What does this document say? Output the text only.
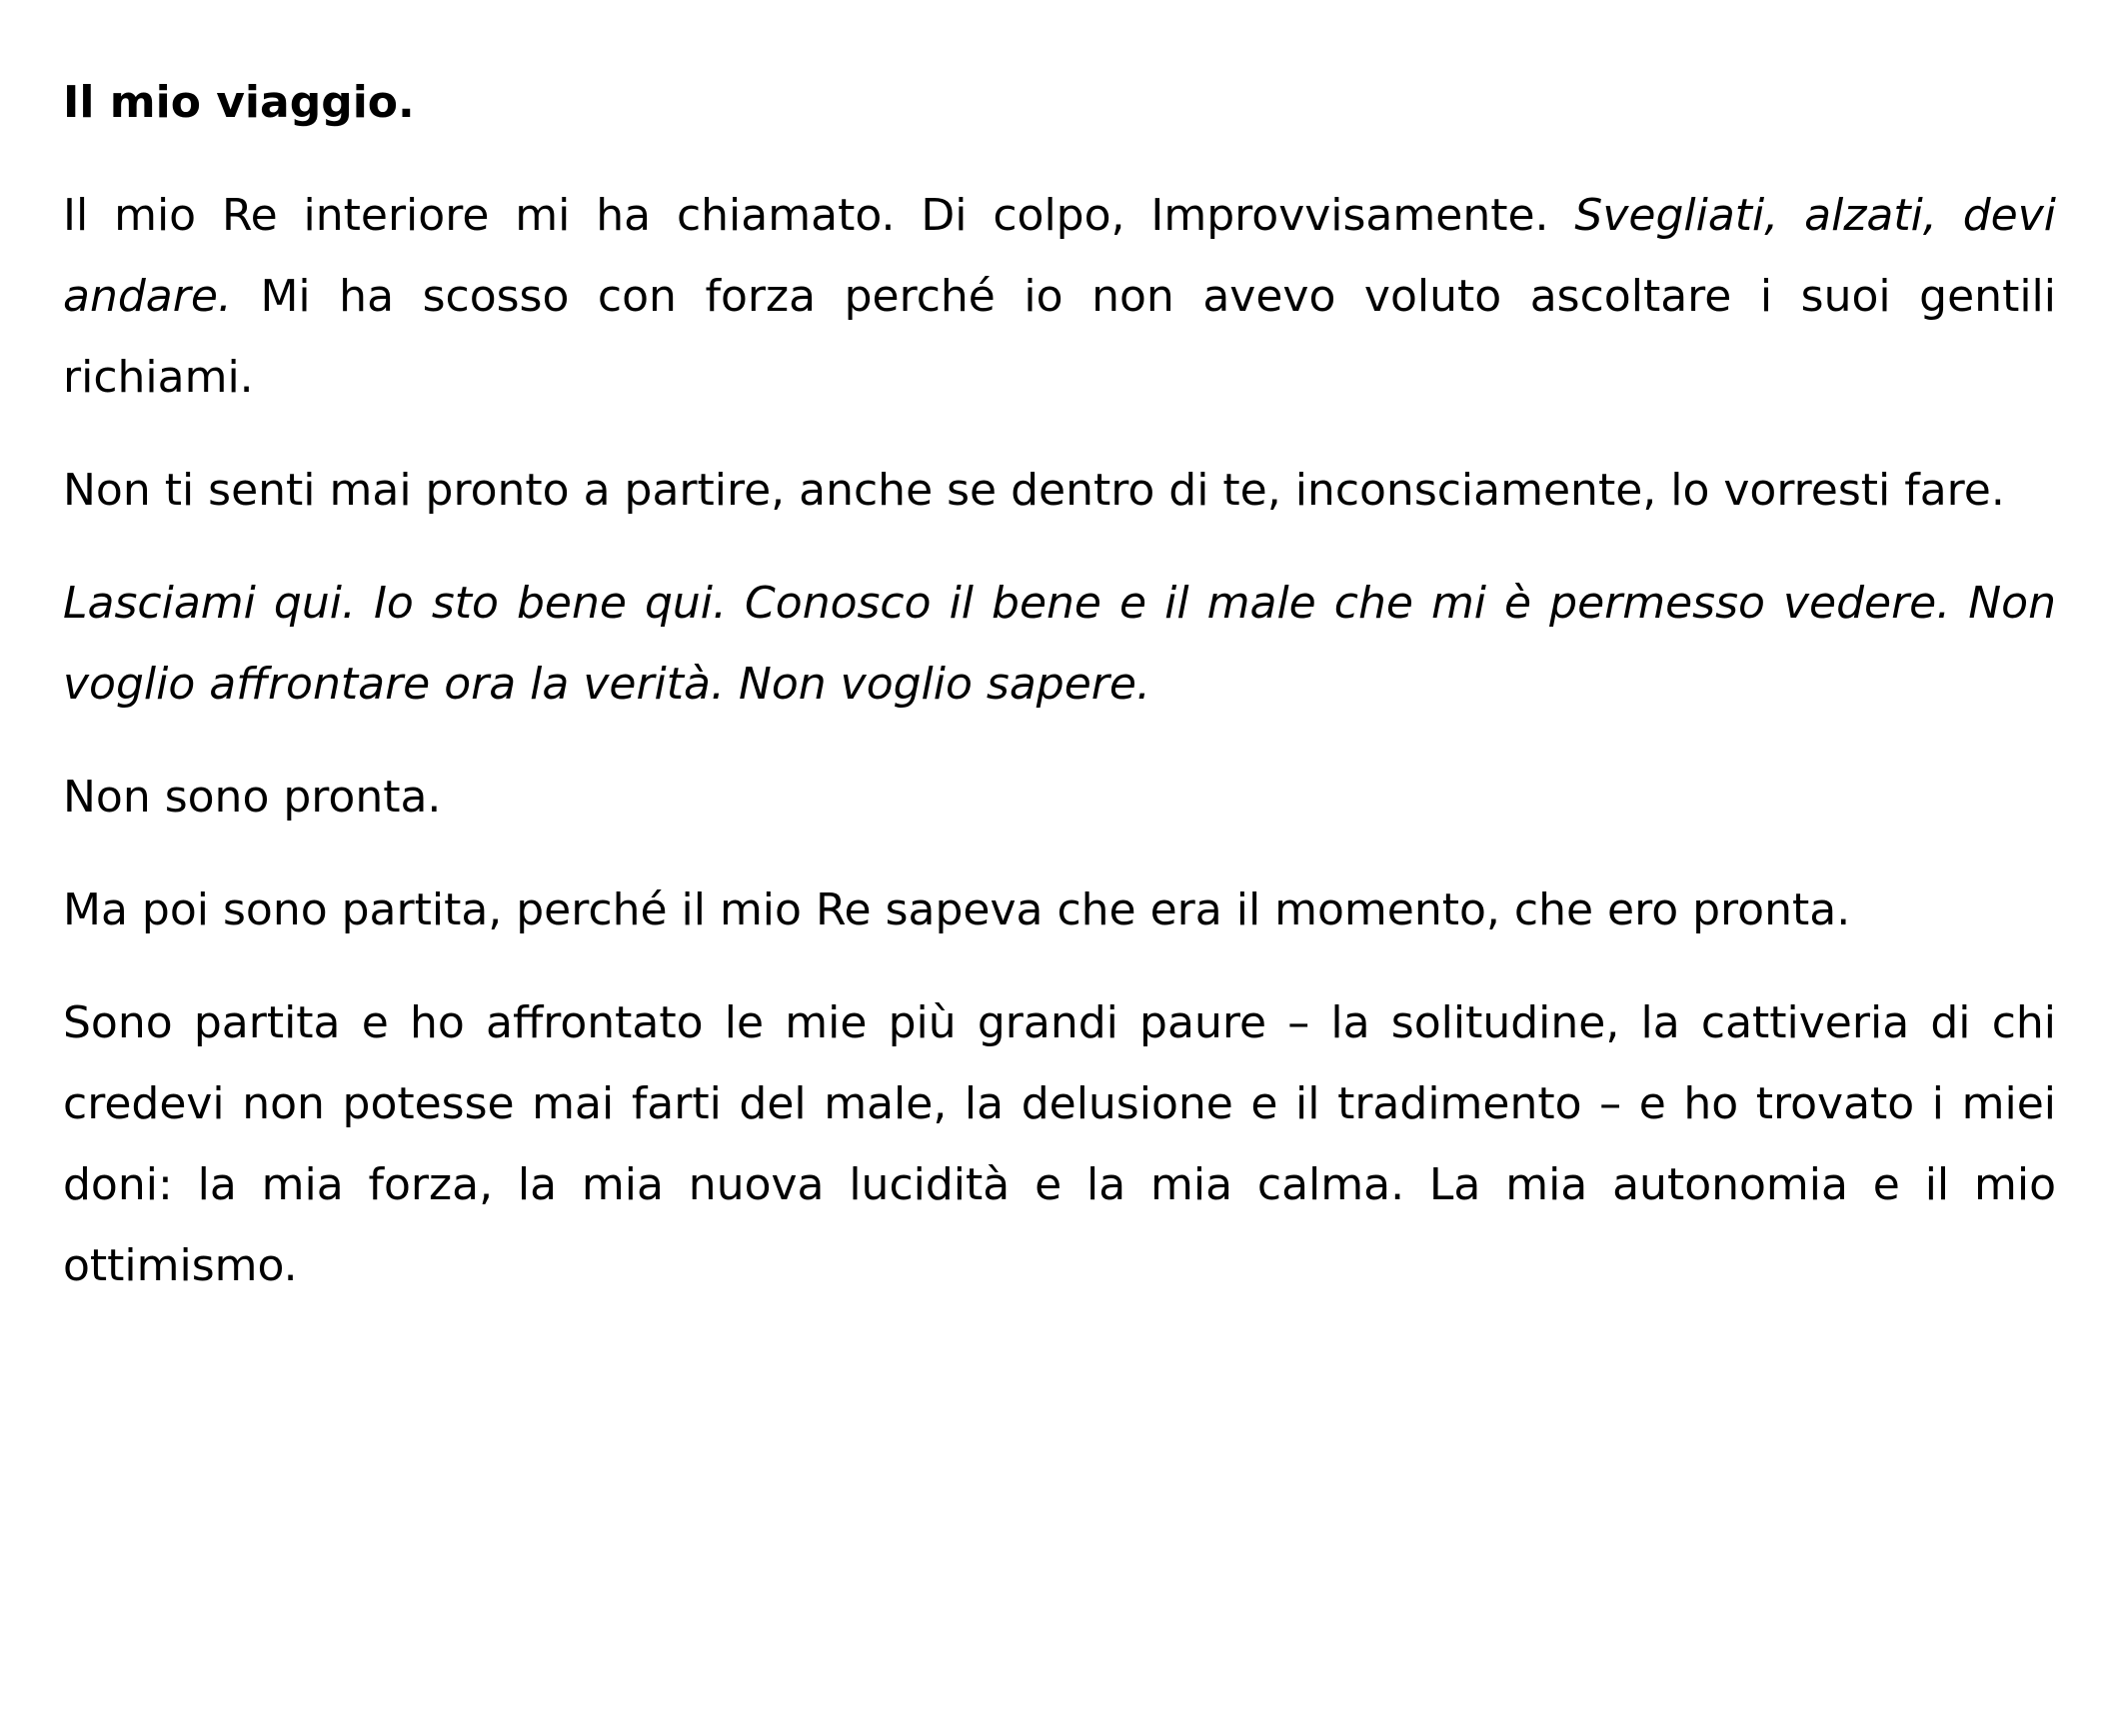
Il mio viaggio.

Il mio Re interiore mi ha chiamato. Di colpo, Improvvisamente. Svegliati, alzati, devi andare. Mi ha scosso con forza perché io non avevo voluto ascoltare i suoi gentili richiami.

Non ti senti mai pronto a partire, anche se dentro di te, inconsciamente, lo vorresti fare.

Lasciami qui. Io sto bene qui. Conosco il bene e il male che mi è permesso vedere. Non voglio affrontare ora la verità. Non voglio sapere.

Non sono pronta.

Ma poi sono partita, perché il mio Re sapeva che era il momento, che ero pronta.

Sono partita e ho affrontato le mie più grandi paure – la solitudine, la cattiveria di chi credevi non potesse mai farti del male, la delusione e il tradimento – e ho trovato i miei doni: la mia forza, la mia nuova lucidità e la mia calma. La mia autonomia e il mio ottimismo.
